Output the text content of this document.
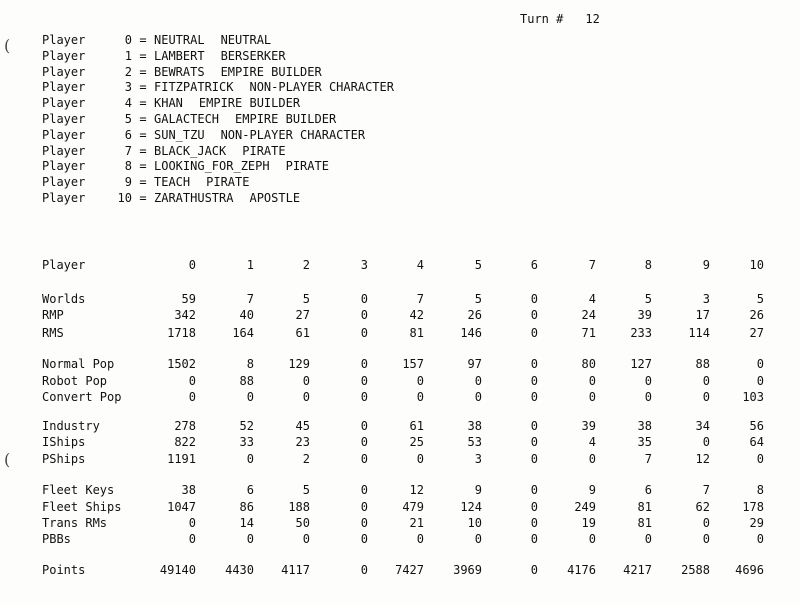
(
(
Turn # 12
Player	0 = NEUTRAL NEUTRAL
Player	1 = LAMBERT BERSERKER
Player	2 = BEWRATS EMPIRE BUILDER
Player	3 = FITZPATRICK NON-PLAYER CHARACTER
Player	4 = KHAN EMPIRE BUILDER
Player	5 = GALACTECH EMPIRE BUILDER
Player	6 = SUN_TZU NON-PLAYER CHARACTER
Player	7 = BLACK_JACK PIRATE
Player	8 = LOOKING_FOR_ZEPH PIRATE
Player	9 = TEACH PIRATE
Player	10 = ZARATHUSTRA APOSTLE
Player	0	1	2	3	4	5	6	7	8	9	10
Worlds	59	7	5	0	7	5	0	4	5	3	5
RMP	342	40	27	0	42	26	0	24	39	17	26
RMS	1718	164	61	0	81	146	0	71	233	114	27
Normal Pop	1502	8	129	0	157	97	0	80	127	88	0
Robot Pop	0	88	0	0	0	0	0	0	0	0	0
Convert Pop	0	0	0	0	0	0	0	0	0	0	103
Industry	278	52	45	0	61	38	0	39	38	34	56
IShips	822	33	23	0	25	53	0	4	35	0	64
PShips	1191	0	2	0	0	3	0	0	7	12	0
Fleet Keys	38	6	5	0	12	9	0	9	6	7	8
Fleet Ships	1047	86	188	0	479	124	0	249	81	62	178
Trans RMs	0	14	50	0	21	10	0	19	81	0	29
PBBs	0	0	0	0	0	0	0	0	0	0	0
Points	49140	4430	4117	0	7427	3969	0	4176	4217	2588	4696
